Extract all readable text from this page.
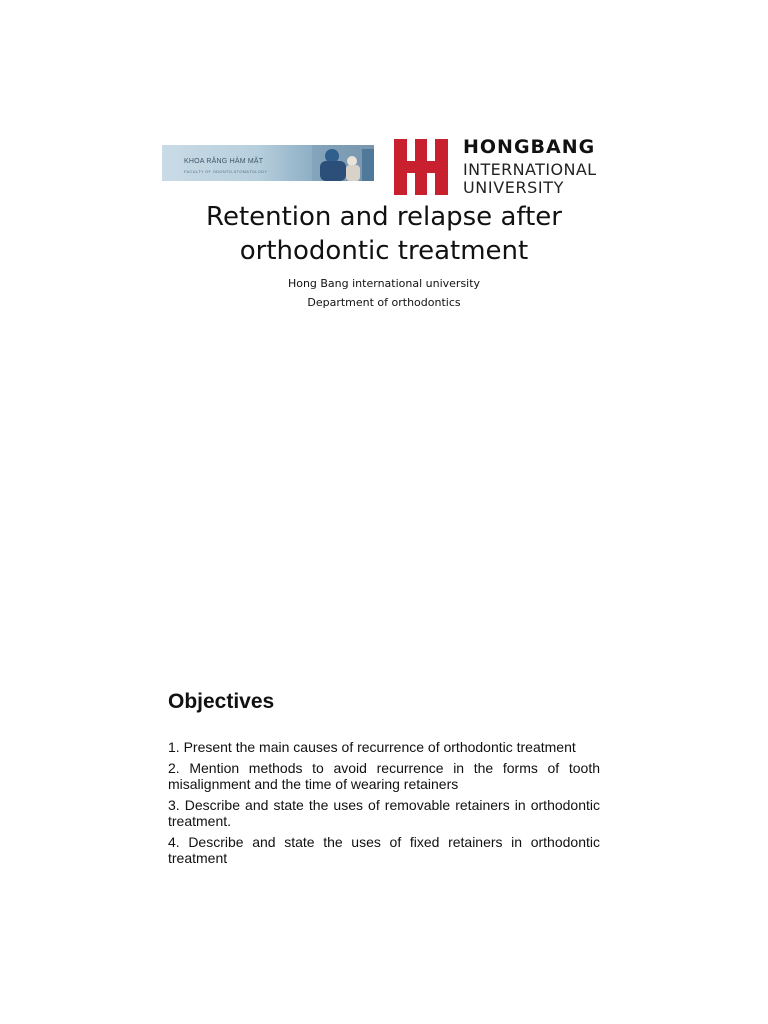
KHOA RĂNG HÀM MẶT
FACULTY OF ODONTO-STOMATOLOGY
HONGBANG
INTERNATIONAL
UNIVERSITY
Retention and relapse after
orthodontic treatment
Hong Bang international university
Department of orthodontics
Objectives
1. Present the main causes of recurrence of orthodontic treatment
2. Mention methods to avoid recurrence in the forms of tooth misalignment and the time of wearing retainers
3. Describe and state the uses of removable retainers in orthodontic treatment.
4. Describe and state the uses of fixed retainers in orthodontic treatment
